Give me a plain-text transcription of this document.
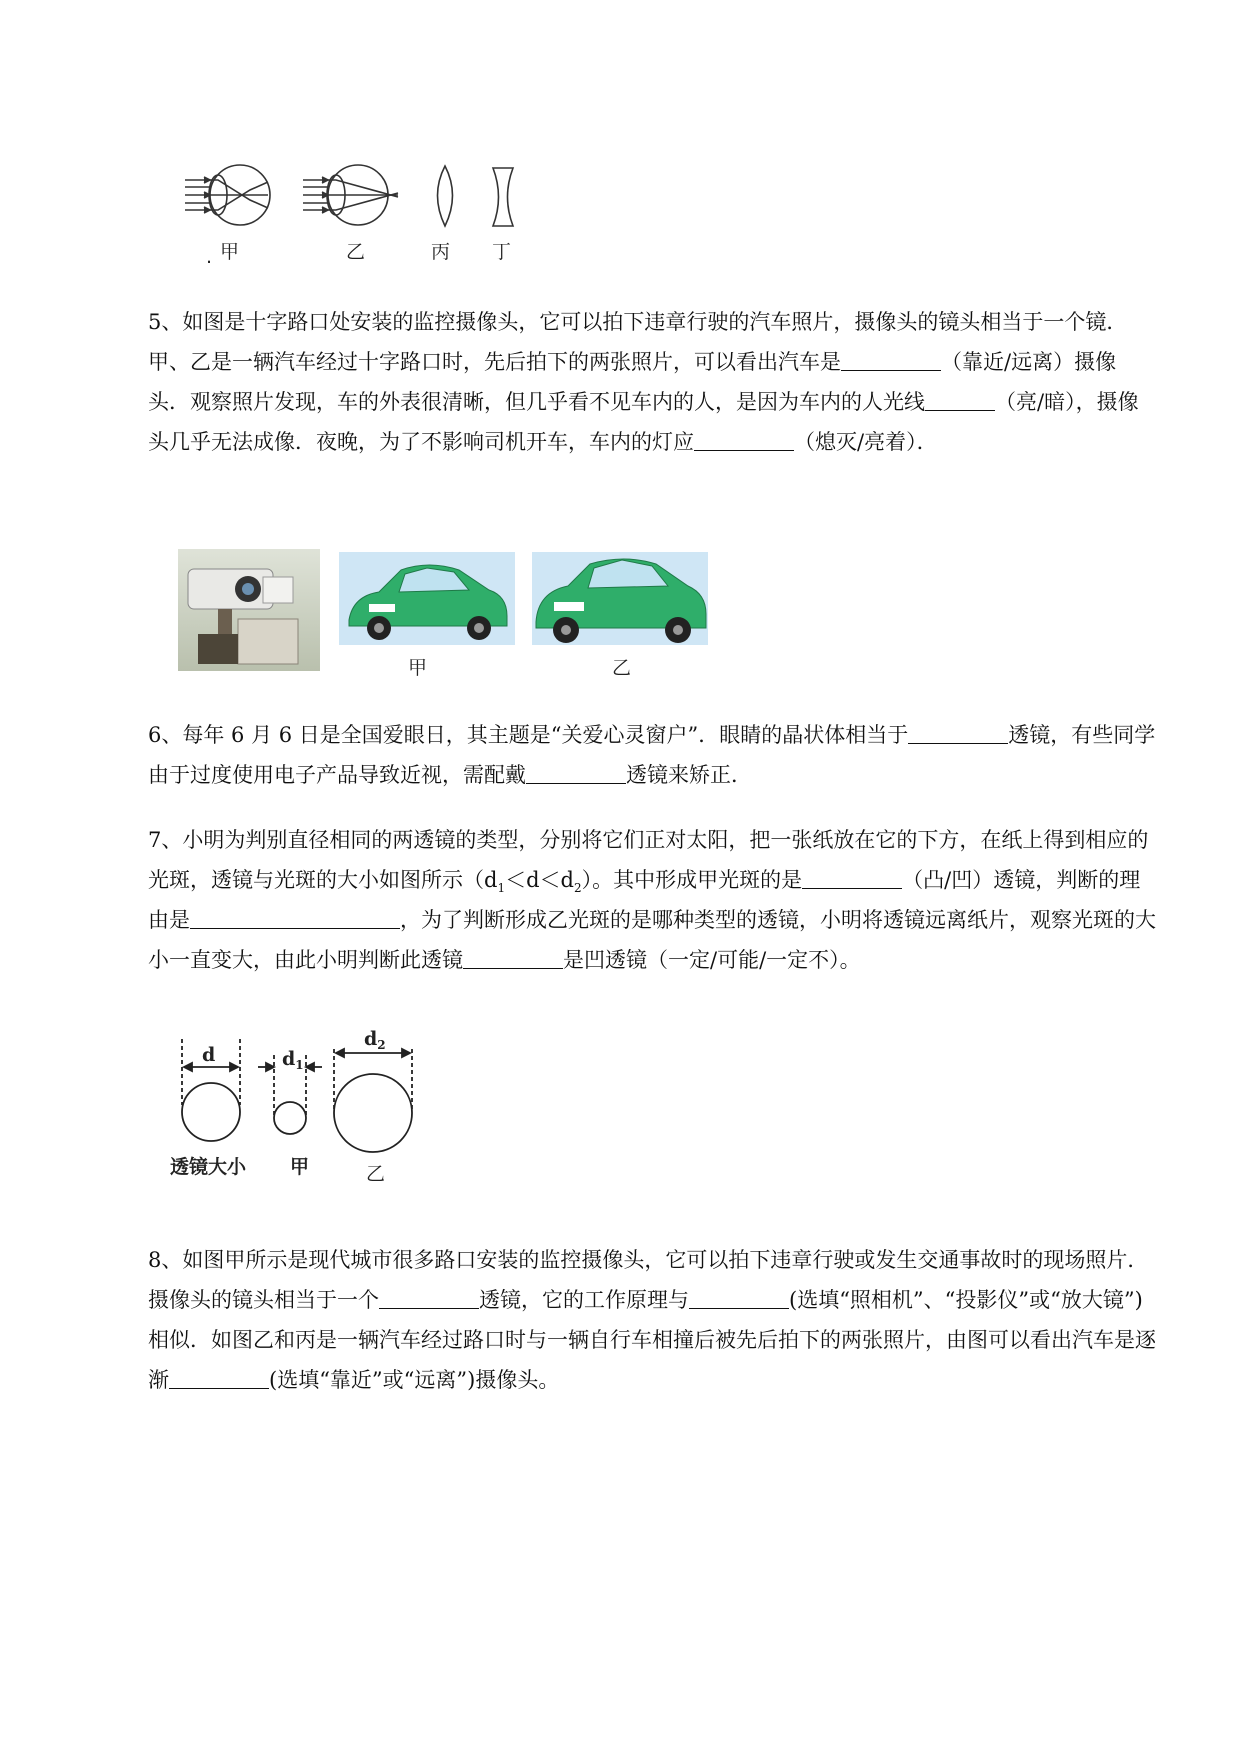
. 甲	乙	丙 丁

5、如图是十字路口处安装的监控摄像头，它可以拍下违章行驶的汽车照片，摄像头的镜头相当于一个镜．甲、乙是一辆汽车经过十字路口时，先后拍下的两张照片，可以看出汽车是	（靠近/远离）摄像头．观察照片发现，车的外表很清晰，但几乎看不见车内的人，是因为车内的人光线	（亮/暗），摄像头几乎无法成像．夜晚，为了不影响司机开车，车内的灯应	（熄灭/亮着）．

甲	乙

6、每年 6 月 6 日是全国爱眼日，其主题是“关爱心灵窗户”．眼睛的晶状体相当于	透镜，有些同学由于过度使用电子产品导致近视，需配戴	透镜来矫正．

7、小明为判别直径相同的两透镜的类型，分别将它们正对太阳，把一张纸放在它的下方，在纸上得到相应的光斑，透镜与光斑的大小如图所示$(d_1<d<d_2)$。其中形成甲光斑的是	（凸/凹）透镜，判断的理由是	，为了判断形成乙光斑的是哪种类型的透镜，小明将透镜远离纸片，观察光斑的大小一直变大，由此小明判断此透镜	是凹透镜（一定/可能/一定不）。

d	$d_1$
$d_2$
透镜大小 甲	乙

8、如图甲所示是现代城市很多路口安装的监控摄像头，它可以拍下违章行驶或发生交通事故时的现场照片．摄像头的镜头相当于一个	透镜，它的工作原理与	(选填“照相机”、“投影仪”或“放大镜”)相似．如图乙和丙是一辆汽车经过路口时与一辆自行车相撞后被先后拍下的两张照片，由图可以看出汽车是逐渐	(选填“靠近”或“远离”)摄像头。
